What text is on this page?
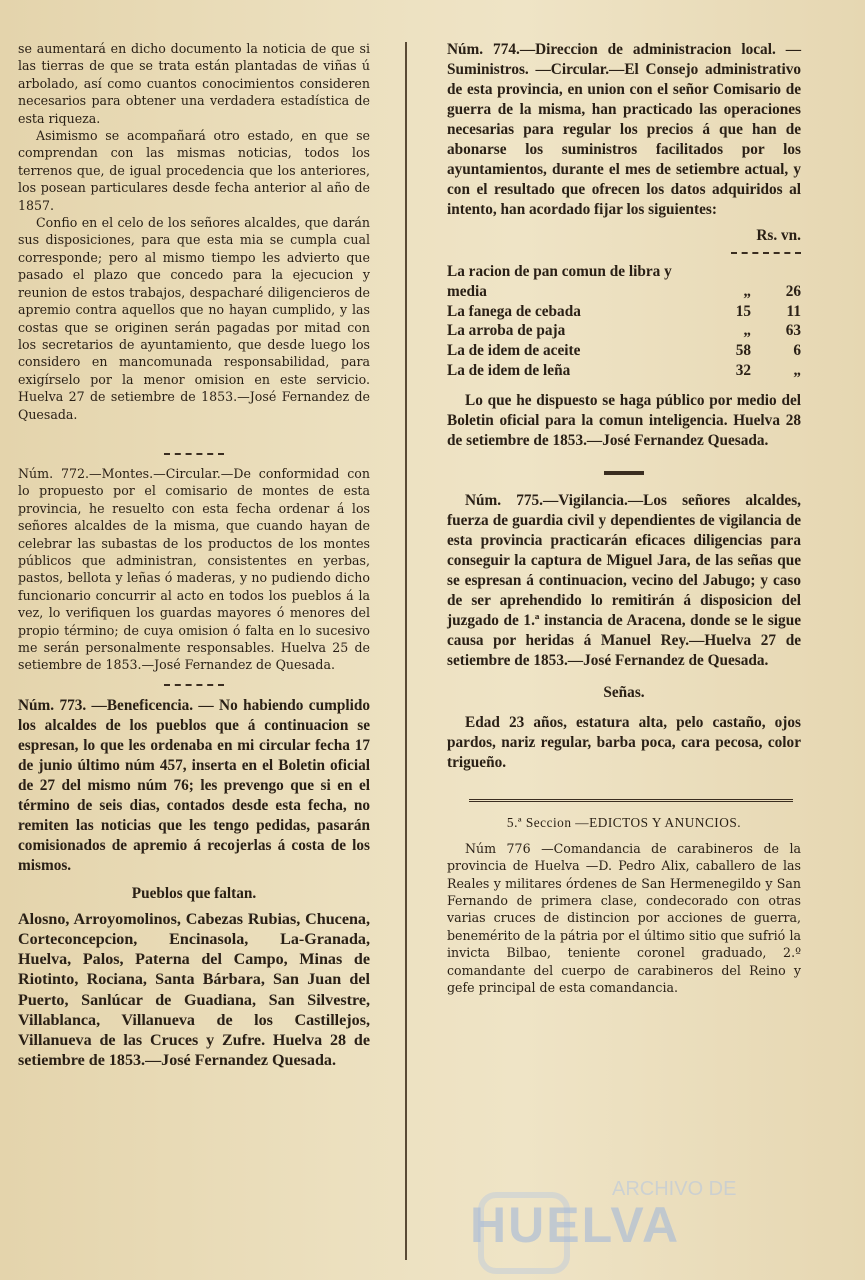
se aumentará en dicho documento la noticia de que si las tierras de que se trata están plantadas de viñas ú arbolado, así como cuantos conocimientos consideren necesarios para obtener una verdadera estadística de esta riqueza.

Asimismo se acompañará otro estado, en que se comprendan con las mismas noticias, todos los terrenos que, de igual procedencia que los anteriores, los posean particulares desde fecha anterior al año de 1857.

Confio en el celo de los señores alcaldes, que darán sus disposiciones, para que esta mia se cumpla cual corresponde; pero al mismo tiempo les advierto que pasado el plazo que concedo para la ejecucion y reunion de estos trabajos, despacharé diligencieros de apremio contra aquellos que no hayan cumplido, y las costas que se originen serán pagadas por mitad con los secretarios de ayuntamiento, que desde luego los considero en mancomunada responsabilidad, para exigírselo por la menor omision en este servicio. Huelva 27 de setiembre de 1853.—José Fernandez de Quesada.

Núm. 772.—Montes.—Circular.—De conformidad con lo propuesto por el comisario de montes de esta provincia, he resuelto con esta fecha ordenar á los señores alcaldes de la misma, que cuando hayan de celebrar las subastas de los productos de los montes públicos que administran, consistentes en yerbas, pastos, bellota y leñas ó maderas, y no pudiendo dicho funcionario concurrir al acto en todos los pueblos á la vez, lo verifiquen los guardas mayores ó menores del propio término; de cuya omision ó falta en lo sucesivo me serán personalmente responsables. Huelva 25 de setiembre de 1853.—José Fernandez de Quesada.

Núm. 773. —Beneficencia. — No habiendo cumplido los alcaldes de los pueblos que á continuacion se espresan, lo que les ordenaba en mi circular fecha 17 de junio último núm 457, inserta en el Boletin oficial de 27 del mismo núm 76; les prevengo que si en el término de seis dias, contados desde esta fecha, no remiten las noticias que les tengo pedidas, pasarán comisionados de apremio á recojerlas á costa de los mismos.

Pueblos que faltan.

Alosno, Arroyomolinos, Cabezas Rubias, Chucena, Corteconcepcion, Encinasola, La-Granada, Huelva, Palos, Paterna del Campo, Minas de Riotinto, Rociana, Santa Bárbara, San Juan del Puerto, Sanlúcar de Guadiana, San Silvestre, Villablanca, Villanueva de los Castillejos, Villanueva de las Cruces y Zufre. Huelva 28 de setiembre de 1853.—José Fernandez Quesada.

Núm. 774.—Direccion de administracion local. —Suministros. —Circular.—El Consejo administrativo de esta provincia, en union con el señor Comisario de guerra de la misma, han practicado las operaciones necesarias para regular los precios á que han de abonarse los suministros facilitados por los ayuntamientos, durante el mes de setiembre actual, y con el resultado que ofrecen los datos adquiridos al intento, han acordado fijar los siguientes:

Rs. vn.
La racion de pan comun de libra y media	„	26
La fanega de cebada	15	11
La arroba de paja	„	63
La de idem de aceite	58	6
La de idem de leña	32	„

Lo que he dispuesto se haga público por medio del Boletin oficial para la comun inteligencia. Huelva 28 de setiembre de 1853.—José Fernandez Quesada.

Núm. 775.—Vigilancia.—Los señores alcaldes, fuerza de guardia civil y dependientes de vigilancia de esta provincia practicarán eficaces diligencias para conseguir la captura de Miguel Jara, de las señas que se espresan á continuacion, vecino del Jabugo; y caso de ser aprehendido lo remitirán á disposicion del juzgado de 1.ª instancia de Aracena, donde se le sigue causa por heridas á Manuel Rey.—Huelva 27 de setiembre de 1853.—José Fernandez de Quesada.

Señas.

Edad 23 años, estatura alta, pelo castaño, ojos pardos, nariz regular, barba poca, cara pecosa, color trigueño.

5.ª Seccion —EDICTOS Y ANUNCIOS.

Núm 776 —Comandancia de carabineros de la provincia de Huelva —D. Pedro Alix, caballero de las Reales y militares órdenes de San Hermenegildo y San Fernando de primera clase, condecorado con otras varias cruces de distincion por acciones de guerra, benemérito de la pátria por el último sitio que sufrió la invicta Bilbao, teniente coronel graduado, 2.º comandante del cuerpo de carabineros del Reino y gefe principal de esta comandancia.

ARCHIVO DE
HUELVA
